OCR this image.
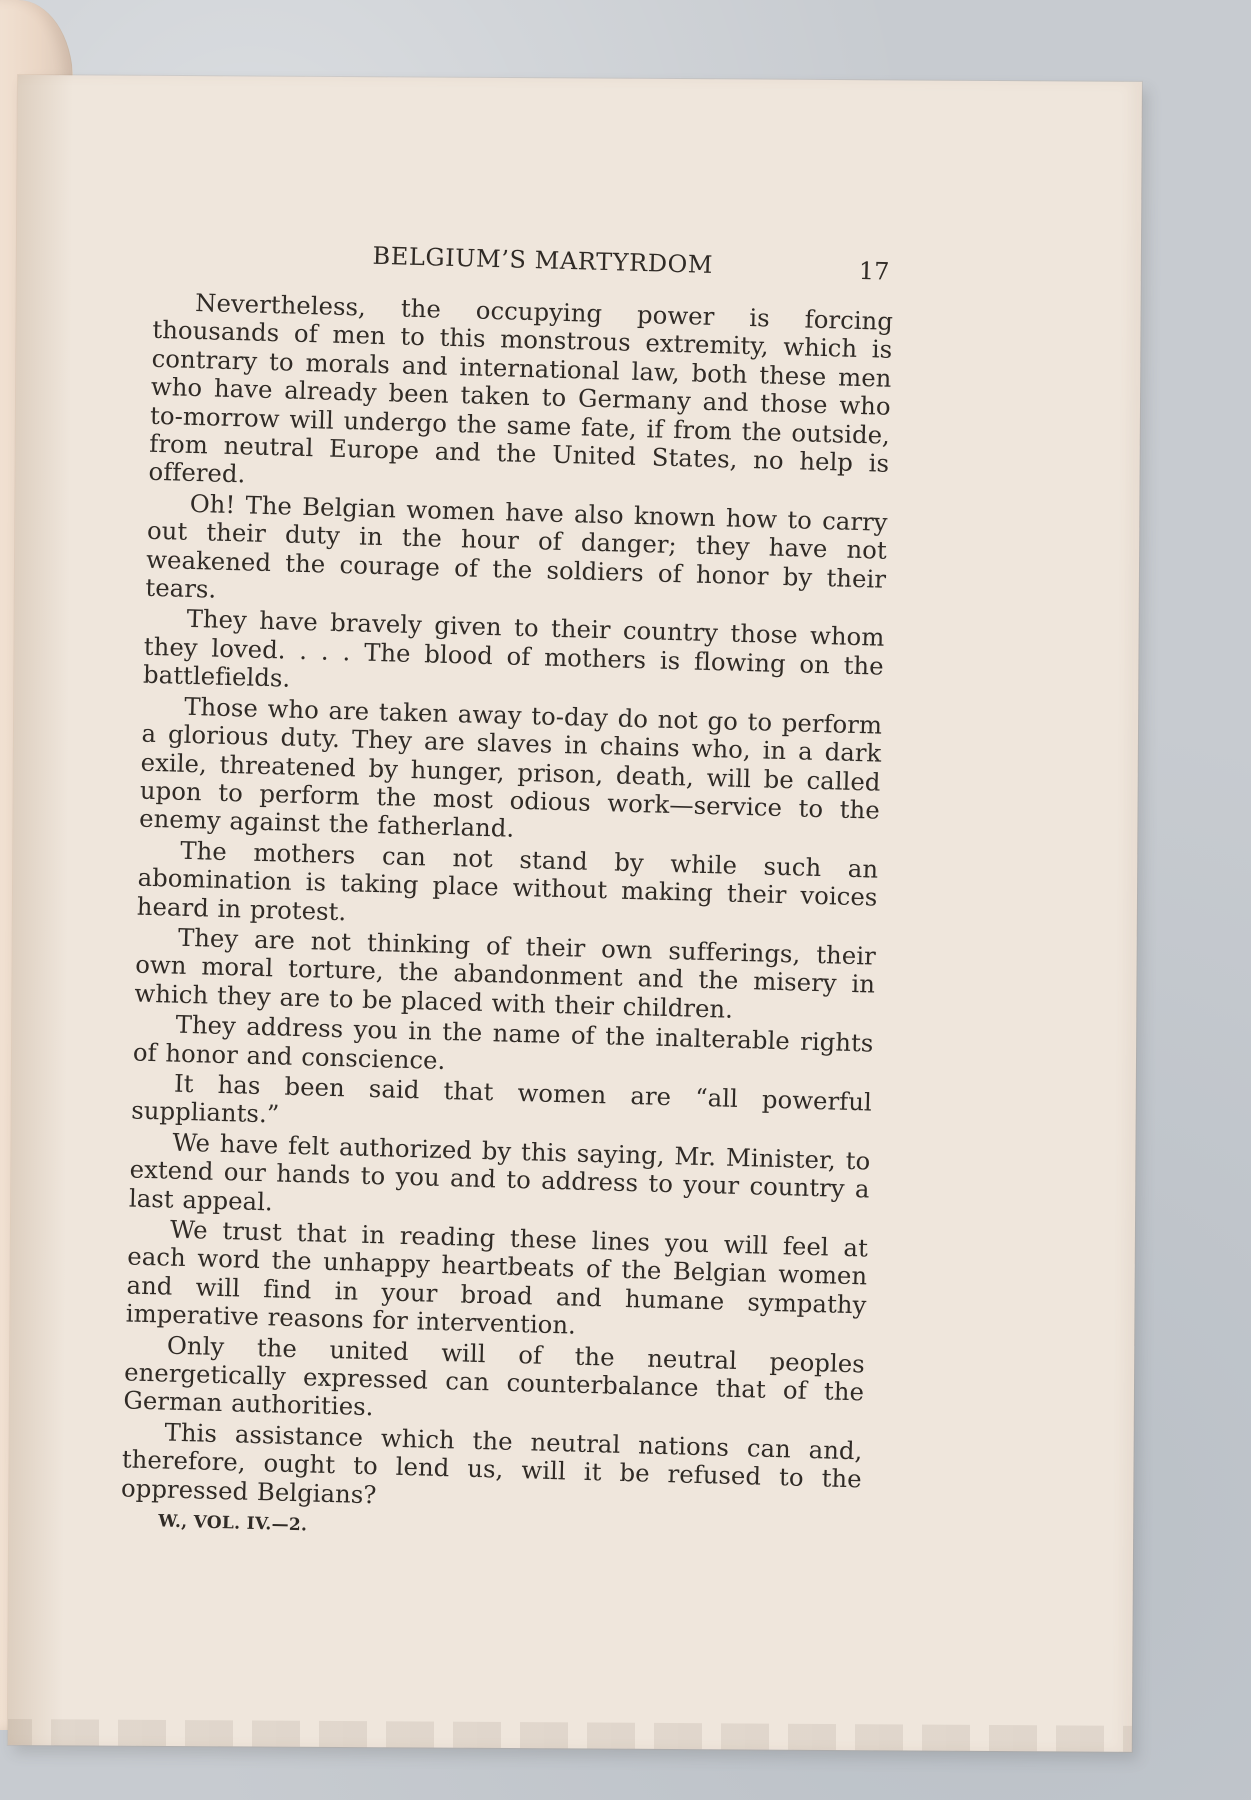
BELGIUM’S MARTYRDOM	17

Nevertheless, the occupying power is forcing thousands of men to this monstrous extremity, which is contrary to morals and international law, both these men who have already been taken to Germany and those who to-morrow will undergo the same fate, if from the outside, from neutral Europe and the United States, no help is offered.

Oh! The Belgian women have also known how to carry out their duty in the hour of danger; they have not weakened the courage of the soldiers of honor by their tears.

They have bravely given to their country those whom they loved. . . . The blood of mothers is flowing on the battlefields.

Those who are taken away to-day do not go to perform a glorious duty. They are slaves in chains who, in a dark exile, threatened by hunger, prison, death, will be called upon to perform the most odious work—service to the enemy against the fatherland.

The mothers can not stand by while such an abomination is taking place without making their voices heard in protest.

They are not thinking of their own sufferings, their own moral torture, the abandonment and the misery in which they are to be placed with their children.

They address you in the name of the inalterable rights of honor and conscience.

It has been said that women are “all powerful suppliants.”

We have felt authorized by this saying, Mr. Minister, to extend our hands to you and to address to your country a last appeal.

We trust that in reading these lines you will feel at each word the unhappy heartbeats of the Belgian women and will find in your broad and humane sympathy imperative reasons for intervention.

Only the united will of the neutral peoples energetically expressed can counterbalance that of the German authorities.

This assistance which the neutral nations can and, therefore, ought to lend us, will it be refused to the oppressed Belgians?

W., VOL. IV.—2.
